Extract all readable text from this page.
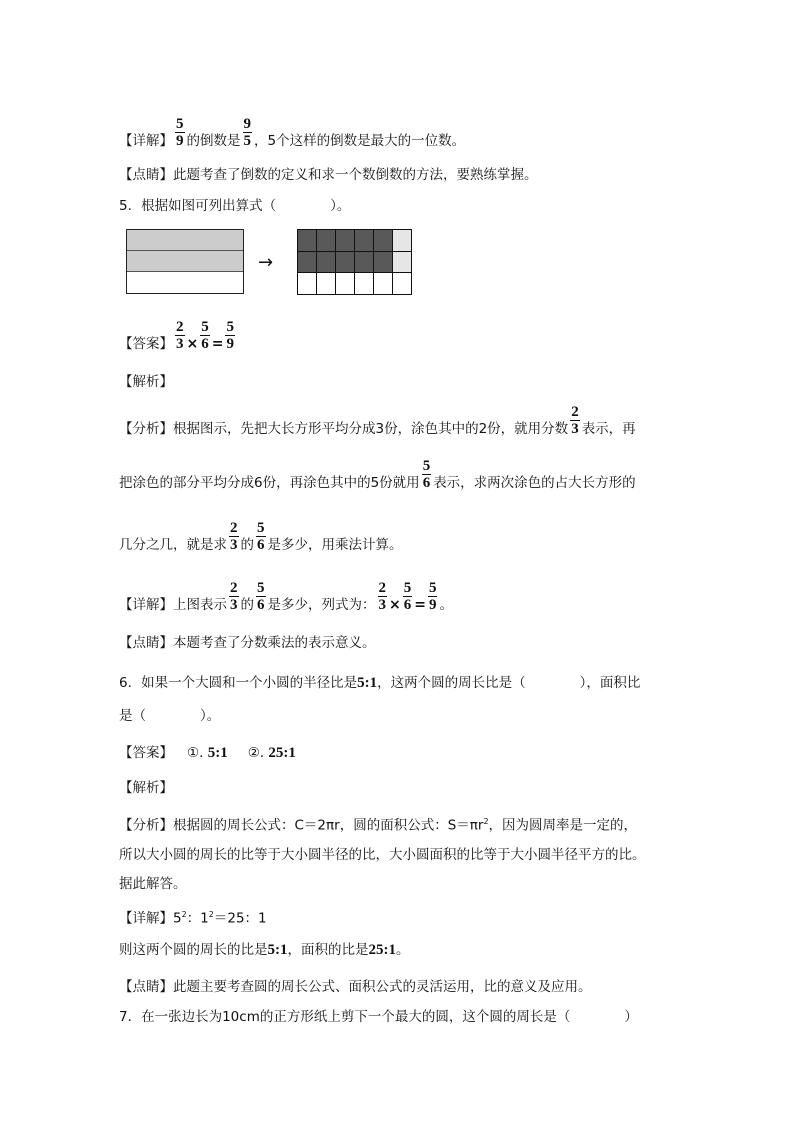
【详解】 $\frac{5}{9}$ 的倒数是 $\frac{9}{5}$ ，5个这样的倒数是最大的一位数。
【点睛】此题考查了倒数的定义和求一个数倒数的方法，要熟练掌握。
5．根据如图可列出算式（　　　　）。
→
【答案】 $\frac{2}{3} \times \frac{5}{6} = \frac{5}{9}$
【解析】
【分析】根据图示，先把大长方形平均分成3份，涂色其中的2份，就用分数 $\frac{2}{3}$ 表示，再
把涂色的部分平均分成6份，再涂色其中的5份就用 $\frac{5}{6}$ 表示，求两次涂色的占大长方形的
几分之几，就是求 $\frac{2}{3}$ 的 $\frac{5}{6}$ 是多少，用乘法计算。
【详解】上图表示 $\frac{2}{3}$ 的 $\frac{5}{6}$ 是多少，列式为： $\frac{2}{3} \times \frac{5}{6} = \frac{5}{9}$ 。
【点睛】本题考查了分数乘法的表示意义。
6．如果一个大圆和一个小圆的半径比是5:1，这两个圆的周长比是（　　　　），面积比
是（　　　　）。
【答案】 ①. 5:1 ②. 25:1
【解析】
【分析】根据圆的周长公式：C＝2πr，圆的面积公式：$S=\pi r^2$，因为圆周率是一定的，
所以大小圆的周长的比等于大小圆半径的比，大小圆面积的比等于大小圆半径平方的比。
据此解答。
【详解】$5^2$：$1^2=25$：1
则这两个圆的周长的比是5:1，面积的比是25:1。
【点睛】此题主要考查圆的周长公式、面积公式的灵活运用，比的意义及应用。
7．在一张边长为10cm的正方形纸上剪下一个最大的圆，这个圆的周长是（　　　　）
